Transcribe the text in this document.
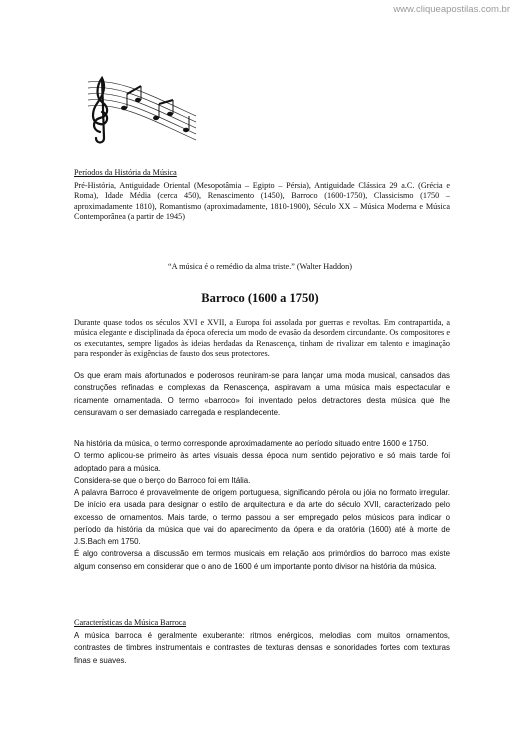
www.cliqueapostilas.com.br
Períodos da História da Música

Pré-História, Antiguidade Oriental (Mesopotâmia – Egipto – Pérsia), Antiguidade Clássica 29 a.C. (Grécia e Roma), Idade Média (cerca 450), Renascimento (1450), Barroco (1600-1750), Classicismo (1750 – aproximadamente 1810), Romantismo (aproximadamente, 1810-1900), Século XX – Música Moderna e Música Contemporânea (a partir de 1945)

“A música é o remédio da alma triste.” (Walter Haddon)
Barroco (1600 a 1750)

Durante quase todos os séculos XVI e XVII, a Europa foi assolada por guerras e revoltas. Em contrapartida, a música elegante e disciplinada da época oferecia um modo de evasão da desordem circundante. Os compositores e os executantes, sempre ligados às ideias herdadas da Renascença, tinham de rivalizar em talento e imaginação para responder às exigências de fausto dos seus protectores.

Os que eram mais afortunados e poderosos reuniram-se para lançar uma moda musical, cansados das construções refinadas e complexas da Renascença, aspiravam a uma música mais espectacular e ricamente ornamentada. O termo «barroco» foi inventado pelos detractores desta música que lhe censuravam o ser demasiado carregada e resplandecente.

Na história da música, o termo corresponde aproximadamente ao período situado entre 1600 e 1750.

O termo aplicou-se primeiro às artes visuais dessa época num sentido pejorativo e só mais tarde foi adoptado para a música.

Considera-se que o berço do Barroco foi em Itália.

A palavra Barroco é provavelmente de origem portuguesa, significando pérola ou jóia no formato irregular. De início era usada para designar o estilo de arquitectura e da arte do século XVII, caracterizado pelo excesso de ornamentos. Mais tarde, o termo passou a ser empregado pelos músicos para indicar o período da história da música que vai do aparecimento da ópera e da oratória (1600) até à morte de J.S.Bach em 1750.

É algo controversa a discussão em termos musicais em relação aos primórdios do barroco mas existe algum consenso em considerar que o ano de 1600 é um importante ponto divisor na história da música.

Características da Música Barroca

A música barroca é geralmente exuberante: ritmos enérgicos, melodias com muitos ornamentos, contrastes de timbres instrumentais e contrastes de texturas densas e sonoridades fortes com texturas finas e suaves.
